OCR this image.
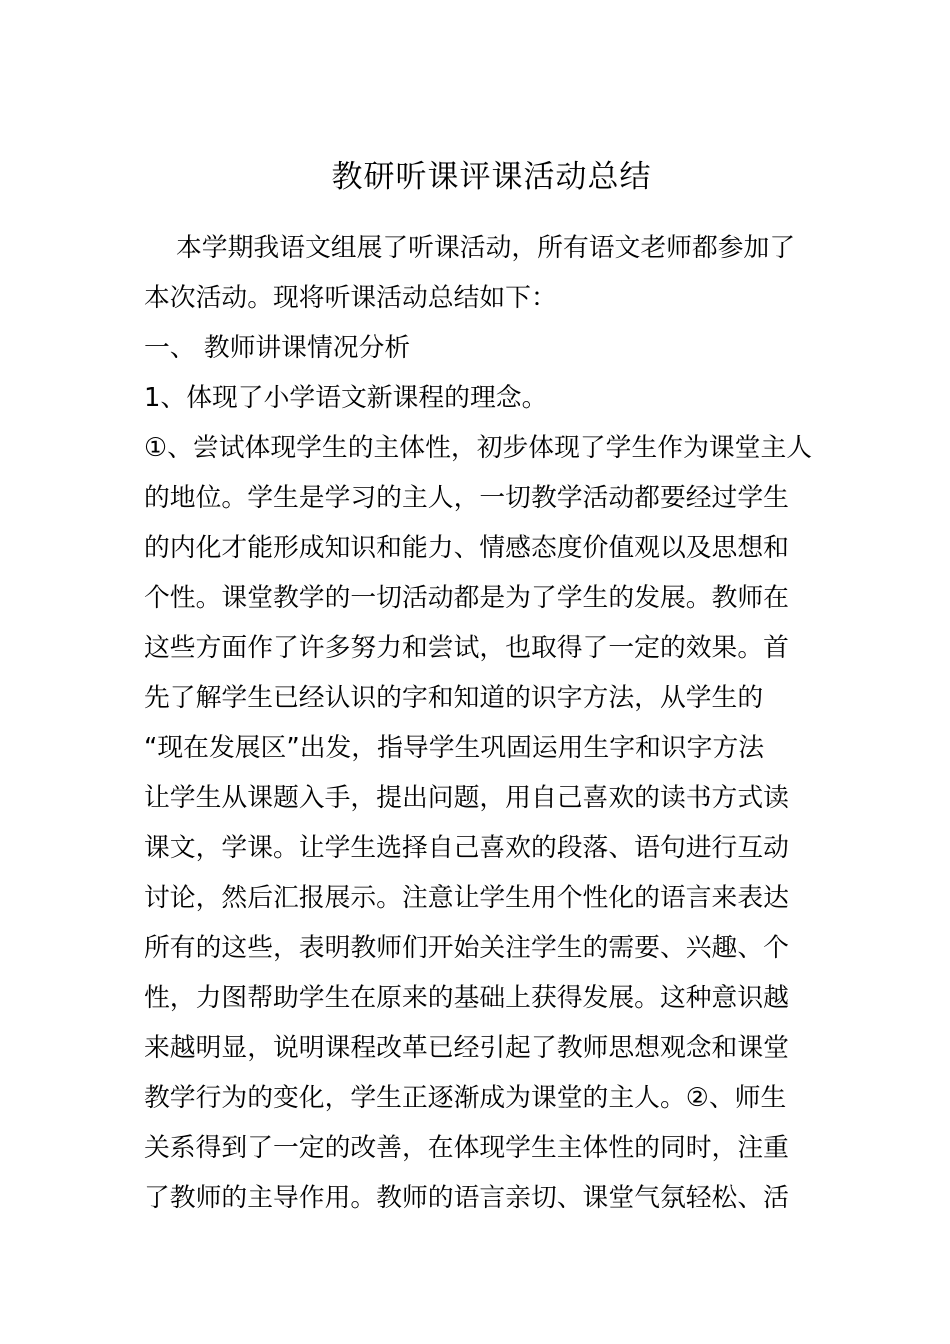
教研听课评课活动总结
本学期我语文组展了听课活动，所有语文老师都参加了
本次活动。现将听课活动总结如下：
一、 教师讲课情况分析
1、体现了小学语文新课程的理念。
①、尝试体现学生的主体性，初步体现了学生作为课堂主人
的地位。学生是学习的主人，一切教学活动都要经过学生
的内化才能形成知识和能力、情感态度价值观以及思想和
个性。课堂教学的一切活动都是为了学生的发展。教师在
这些方面作了许多努力和尝试，也取得了一定的效果。首
先了解学生已经认识的字和知道的识字方法，从学生的
“现在发展区”出发，指导学生巩固运用生字和识字方法
让学生从课题入手，提出问题，用自己喜欢的读书方式读
课文，学课。让学生选择自己喜欢的段落、语句进行互动
讨论，然后汇报展示。注意让学生用个性化的语言来表达
所有的这些，表明教师们开始关注学生的需要、兴趣、个
性，力图帮助学生在原来的基础上获得发展。这种意识越
来越明显，说明课程改革已经引起了教师思想观念和课堂
教学行为的变化，学生正逐渐成为课堂的主人。②、师生
关系得到了一定的改善，在体现学生主体性的同时，注重
了教师的主导作用。教师的语言亲切、课堂气氛轻松、活
